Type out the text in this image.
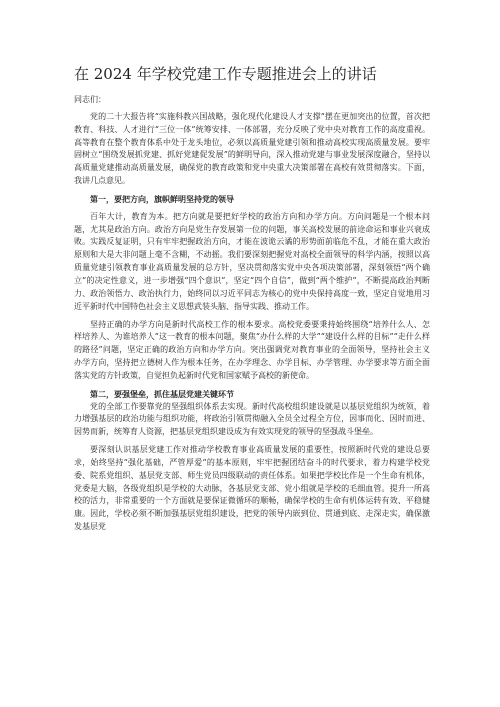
在 2024 年学校党建工作专题推进会上的讲话

同志们：

党的二十大报告将“实施科教兴国战略，强化现代化建设人才支撑”摆在更加突出的位置，首次把教育、科技、人才进行“三位一体”统筹安排、一体部署，充分反映了党中央对教育工作的高度重视。高等教育在整个教育体系中处于龙头地位，必须以高质量党建引领和推动高校实现高质量发展。要牢固树立“围绕发展抓党建、抓好党建促发展”的鲜明导向，深入推动党建与事业发展深度融合，坚持以高质量党建推动高质量发展，确保党的教育政策和党中央重大决策部署在高校有效贯彻落实。下面，我讲几点意见。

第一，要把方向，旗帜鲜明坚持党的领导

百年大计，教育为本。把方向就是要把好学校的政治方向和办学方向。方向问题是一个根本问题，尤其是政治方向。政治方向是党生存发展第一位的问题，事关高校发展的前途命运和事业兴衰成败。实践反复证明，只有牢牢把握政治方向，才能在波诡云谲的形势面前临危不乱，才能在重大政治原则和大是大非问题上毫不含糊，不动摇。我们要深刻把握党对高校全面领导的科学内涵，按照以高质量党建引领教育事业高质量发展的总方针，坚决贯彻落实党中央各项决策部署，深刻领悟“两个确立”的决定性意义，进一步增强“四个意识”，坚定“四个自信”，做到“两个维护”，不断提高政治判断力、政治领悟力、政治执行力，始终同以习近平同志为核心的党中央保持高度一致，坚定自觉地用习近平新时代中国特色社会主义思想武装头脑、指导实践、推动工作。

坚持正确的办学方向是新时代高校工作的根本要求。高校党委要秉持始终围绕“培养什么人、怎样培养人、为谁培养人”这一教育的根本问题，聚焦“办什么样的大学”“建设什么样的目标”“走什么样的路径”问题，坚定正确的政治方向和办学方向。突出强调党对教育事业的全面领导，坚持社会主义办学方向，坚持把立德树人作为根本任务，在办学理念、办学目标、办学管理、办学要求等方面全面落实党的方针政策，自觉担负起新时代党和国家赋予高校的新使命。

第二，要强堡垒，抓住基层党建关键环节

党的全部工作要靠党的坚强组织体系去实现。新时代高校组织建设就是以基层党组织为统领，着力增强基层的政治功能与组织功能，将政治引领贯彻融入全员全过程全方位，因事而化、因时而进、因势而新，统筹育人资源，把基层党组织建设成为有效实现党的领导的坚强战斗堡垒。

要深刻认识基层党建工作对推动学校教育事业高质量发展的重要性，按照新时代党的建设总要求，始终坚持“强化基础，严管厚爱”的基本原则，牢牢把握团结奋斗的时代要求，着力构建学校党委、院系党组织、基层党支部、师生党员四级联动的责任体系。如果把学校比作是一个生命有机体，党委是大脑，各级党组织是学校的大动脉，各基层党支部、党小组就是学校的毛细血管。提升一所高校的活力，非常重要的一个方面就是要保证微循环的顺畅，确保学校的生命有机体运转有效、平稳健康。因此，学校必须不断加强基层党组织建设，把党的领导内嵌到位、贯通到底、走深走实，确保激发基层党
